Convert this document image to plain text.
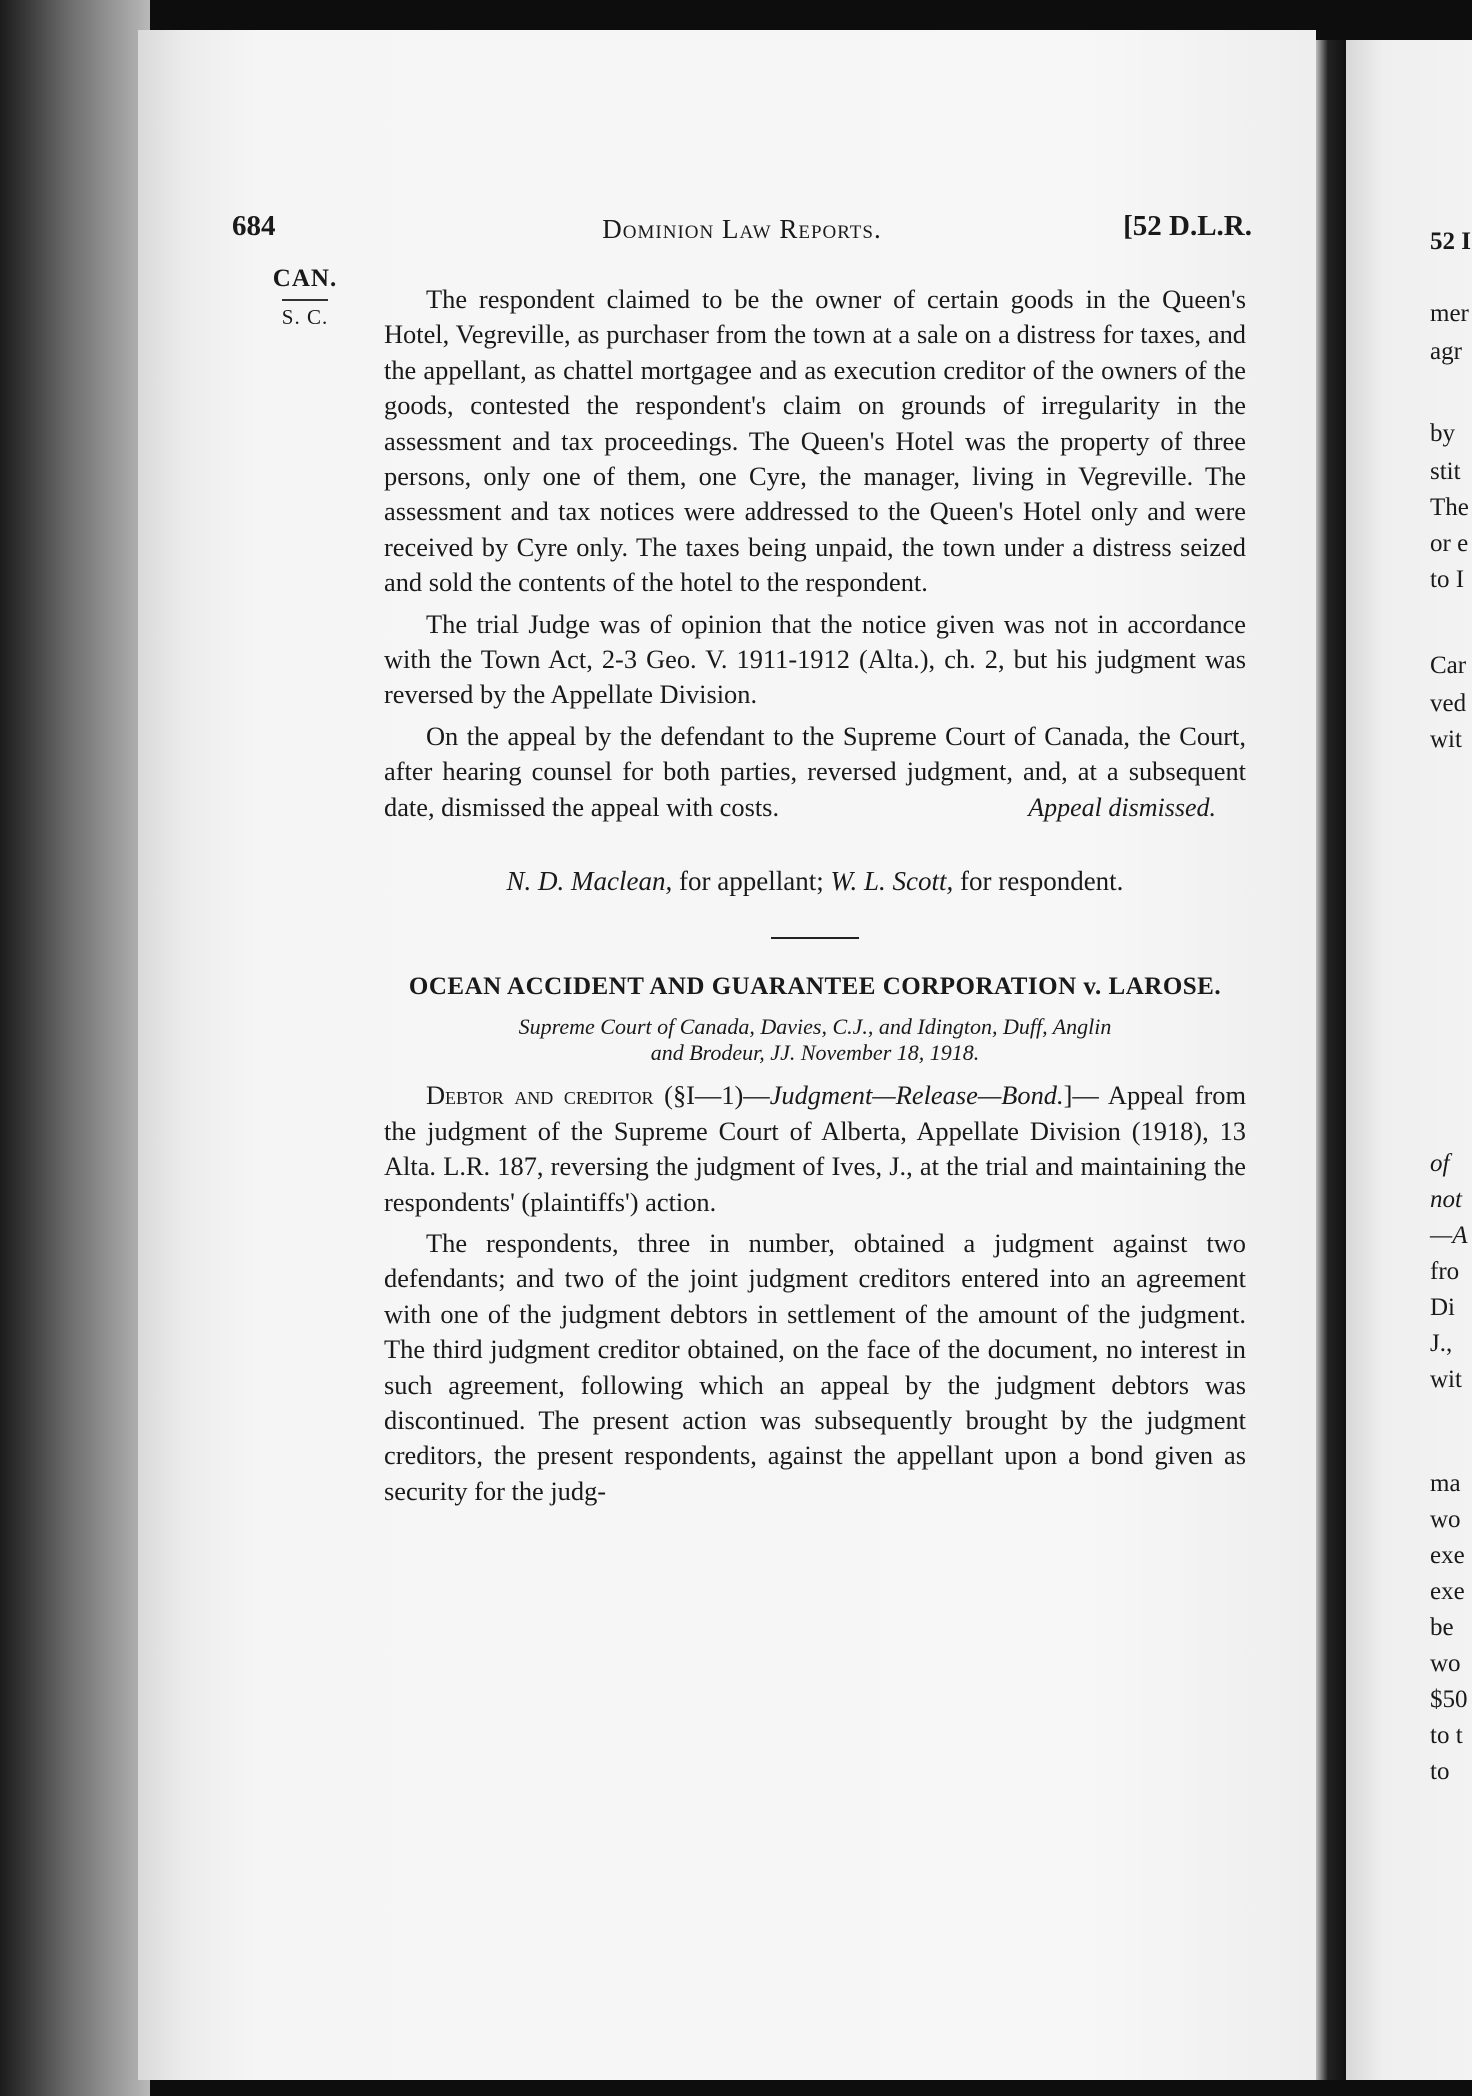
684	Dominion Law Reports.	[52 D.L.R.
CAN.
S. C.

The respondent claimed to be the owner of certain goods in the Queen's Hotel, Vegreville, as purchaser from the town at a sale on a distress for taxes, and the appellant, as chattel mortgagee and as execution creditor of the owners of the goods, contested the respondent's claim on grounds of irregularity in the assessment and tax proceedings. The Queen's Hotel was the property of three persons, only one of them, one Cyre, the manager, living in Vegreville. The assessment and tax notices were addressed to the Queen's Hotel only and were received by Cyre only. The taxes being unpaid, the town under a distress seized and sold the contents of the hotel to the respondent.

The trial Judge was of opinion that the notice given was not in accordance with the Town Act, 2-3 Geo. V. 1911-1912 (Alta.), ch. 2, but his judgment was reversed by the Appellate Division.

On the appeal by the defendant to the Supreme Court of Canada, the Court, after hearing counsel for both parties, reversed judgment, and, at a subsequent date, dismissed the appeal with costs.	Appeal dismissed.
N. D. Maclean, for appellant; W. L. Scott, for respondent.
OCEAN ACCIDENT AND GUARANTEE CORPORATION v. LAROSE.
Supreme Court of Canada, Davies, C.J., and Idington, Duff, Anglin
and Brodeur, JJ. November 18, 1918.

Debtor and creditor (§I—1)—Judgment—Release—Bond.]— Appeal from the judgment of the Supreme Court of Alberta, Appellate Division (1918), 13 Alta. L.R. 187, reversing the judgment of Ives, J., at the trial and maintaining the respondents' (plaintiffs') action.

The respondents, three in number, obtained a judgment against two defendants; and two of the joint judgment creditors entered into an agreement with one of the judgment debtors in settlement of the amount of the judgment. The third judgment creditor obtained, on the face of the document, no interest in such agreement, following which an appeal by the judgment debtors was discontinued. The present action was subsequently brought by the judgment creditors, the present respondents, against the appellant upon a bond given as security for the judg-

52 I
mer
agr
by
stit
The
or e
to I
Car
ved
wit
of
not
—A
fro
Di
J.,
wit
ma
wo
exe
exe
be
wo
$50
to t
to
